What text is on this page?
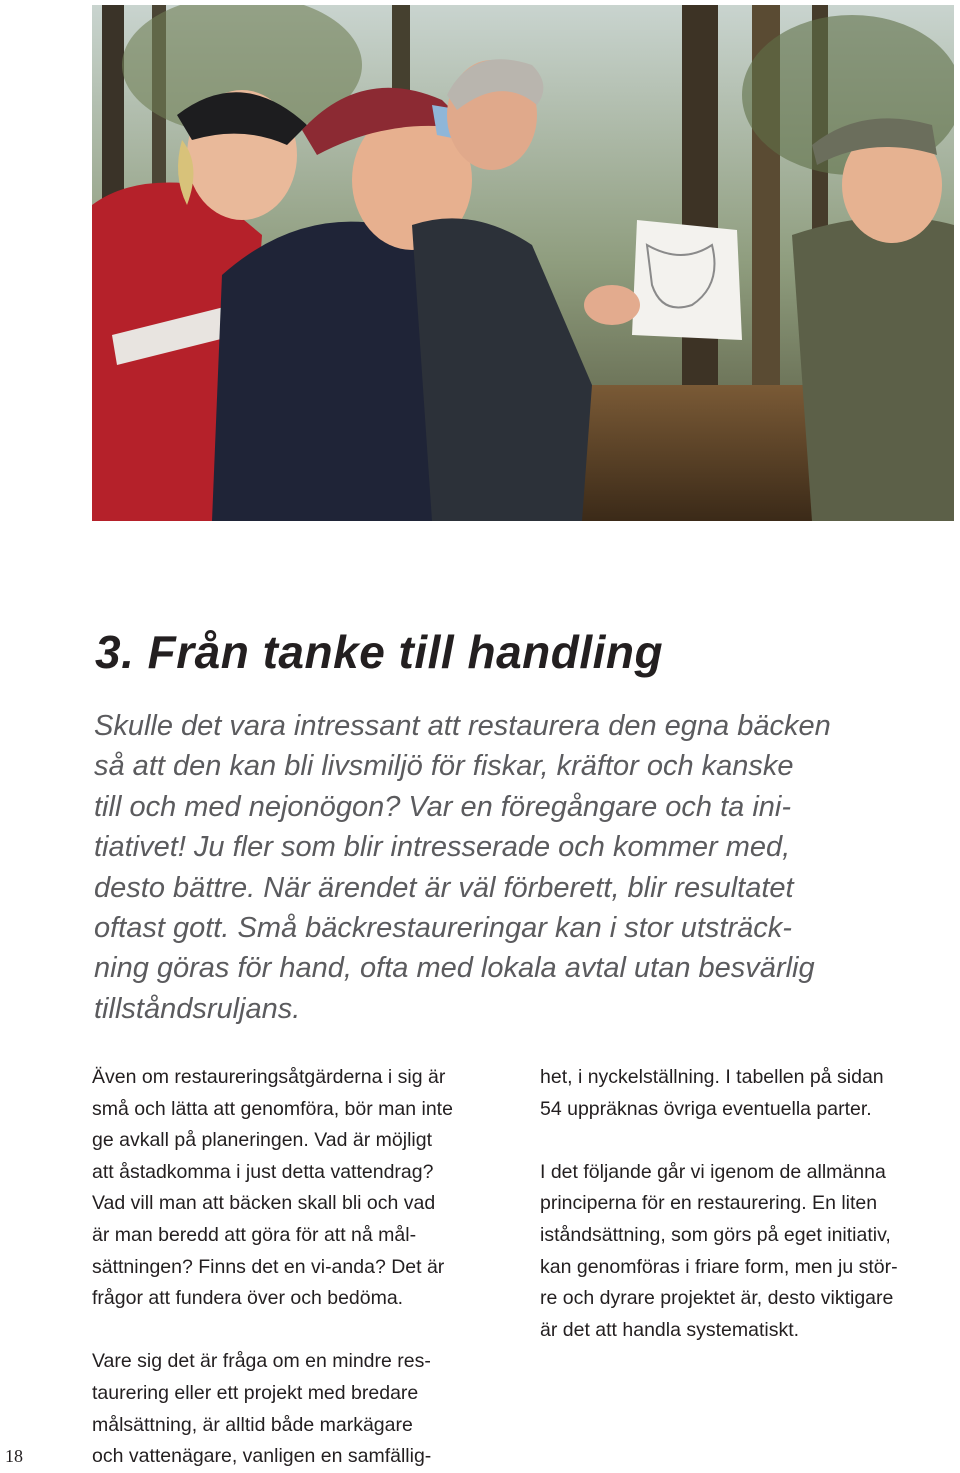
3. Från tanke till handling

Skulle det vara intressant att restaurera den egna bäcken
så att den kan bli livsmiljö för fiskar, kräftor och kanske
till och med nejonögon? Var en föregångare och ta ini-
tiativet! Ju fler som blir intresserade och kommer med,
desto bättre. När ärendet är väl förberett, blir resultatet
oftast gott. Små bäckrestaureringar kan i stor utsträck-
ning göras för hand, ofta med lokala avtal utan besvärlig
tillståndsruljans.

Även om restaureringsåtgärderna i sig är
små och lätta att genomföra, bör man inte
ge avkall på planeringen. Vad är möjligt
att åstadkomma i just detta vattendrag?
Vad vill man att bäcken skall bli och vad
är man beredd att göra för att nå mål-
sättningen? Finns det en vi-anda? Det är
frågor att fundera över och bedöma.
Vare sig det är fråga om en mindre res-
taurering eller ett projekt med bredare
målsättning, är alltid både markägare
och vattenägare, vanligen en samfällig-
het, i nyckelställning. I tabellen på sidan
54 uppräknas övriga eventuella parter.
I det följande går vi igenom de allmänna
principerna för en restaurering. En liten
iståndsättning, som görs på eget initiativ,
kan genomföras i friare form, men ju stör-
re och dyrare projektet är, desto viktigare
är det att handla systematiskt.
18
